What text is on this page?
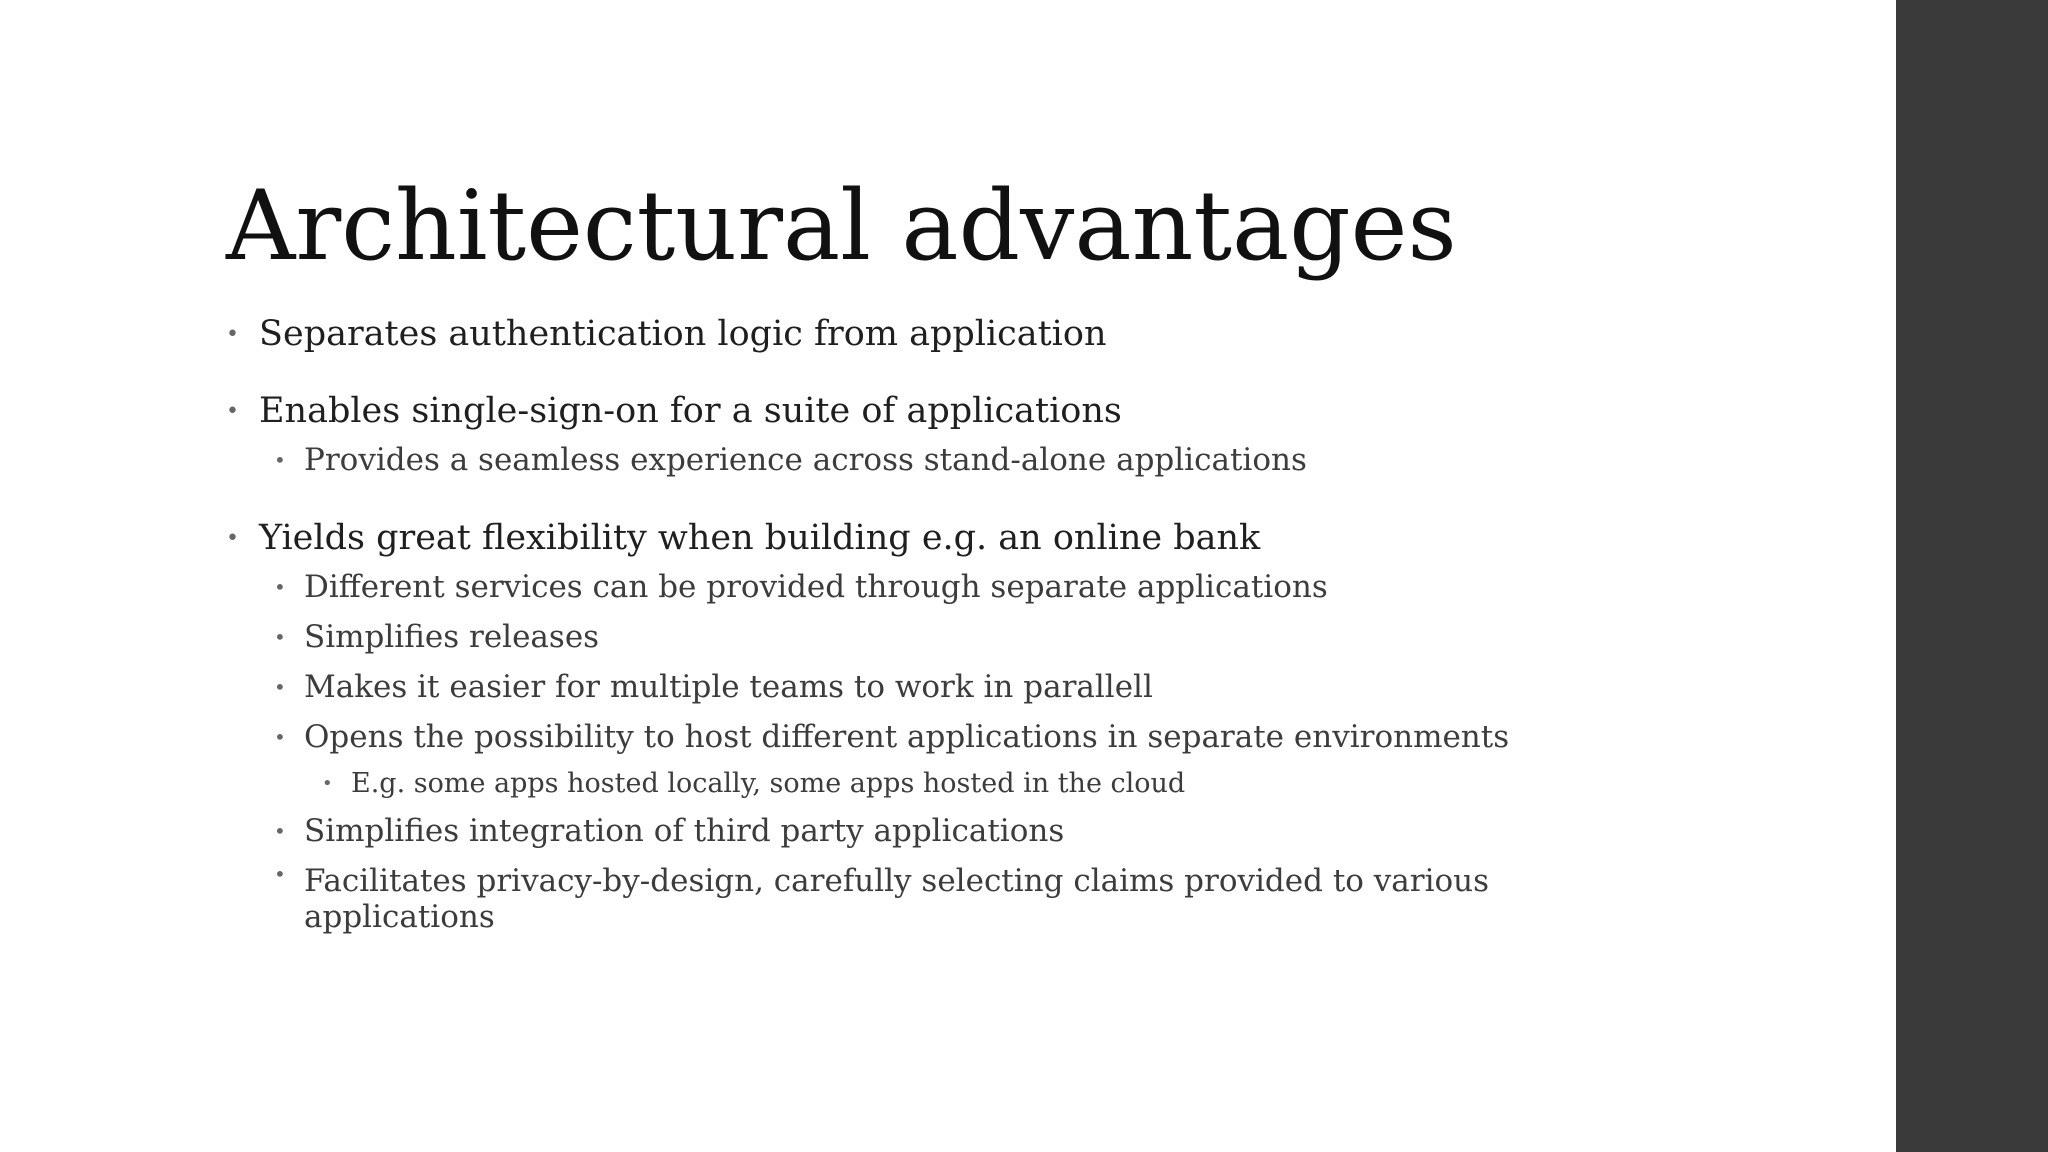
Architectural advantages
• Separates authentication logic from application
• Enables single-sign-on for a suite of applications
• Provides a seamless experience across stand-alone applications
• Yields great flexibility when building e.g. an online bank
• Different services can be provided through separate applications
• Simplifies releases
• Makes it easier for multiple teams to work in parallell
• Opens the possibility to host different applications in separate environments
• E.g. some apps hosted locally, some apps hosted in the cloud
• Simplifies integration of third party applications
• Facilitates privacy-by-design, carefully selecting claims provided to various applications
